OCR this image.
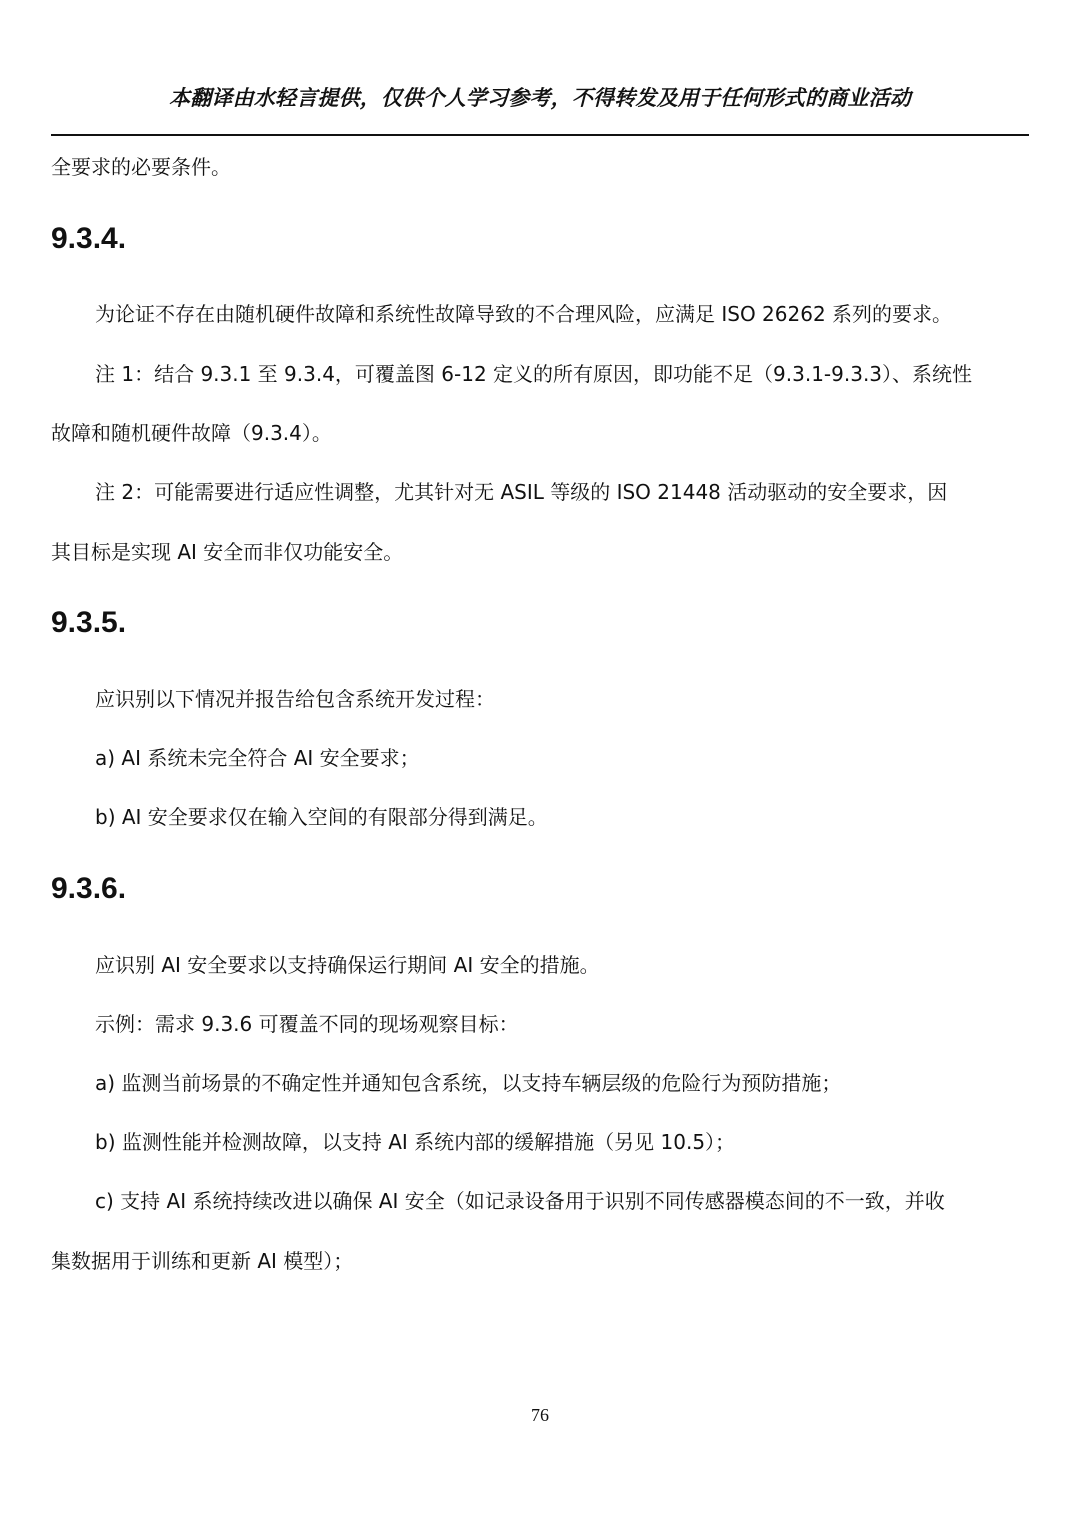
本翻译由水轻言提供，仅供个人学习参考，不得转发及用于任何形式的商业活动
全要求的必要条件。
9.3.4.
为论证不存在由随机硬件故障和系统性故障导致的不合理风险，应满足 ISO 26262 系列的要求。
注 1：结合 9.3.1 至 9.3.4，可覆盖图 6-12 定义的所有原因，即功能不足（9.3.1-9.3.3）、系统性
故障和随机硬件故障（9.3.4）。
注 2：可能需要进行适应性调整，尤其针对无 ASIL 等级的 ISO 21448 活动驱动的安全要求，因
其目标是实现 AI 安全而非仅功能安全。
9.3.5.
应识别以下情况并报告给包含系统开发过程：
a) AI 系统未完全符合 AI 安全要求；
b) AI 安全要求仅在输入空间的有限部分得到满足。
9.3.6.
应识别 AI 安全要求以支持确保运行期间 AI 安全的措施。
示例：需求 9.3.6 可覆盖不同的现场观察目标：
a) 监测当前场景的不确定性并通知包含系统，以支持车辆层级的危险行为预防措施；
b) 监测性能并检测故障，以支持 AI 系统内部的缓解措施（另见 10.5）；
c) 支持 AI 系统持续改进以确保 AI 安全（如记录设备用于识别不同传感器模态间的不一致，并收
集数据用于训练和更新 AI 模型）；
76
